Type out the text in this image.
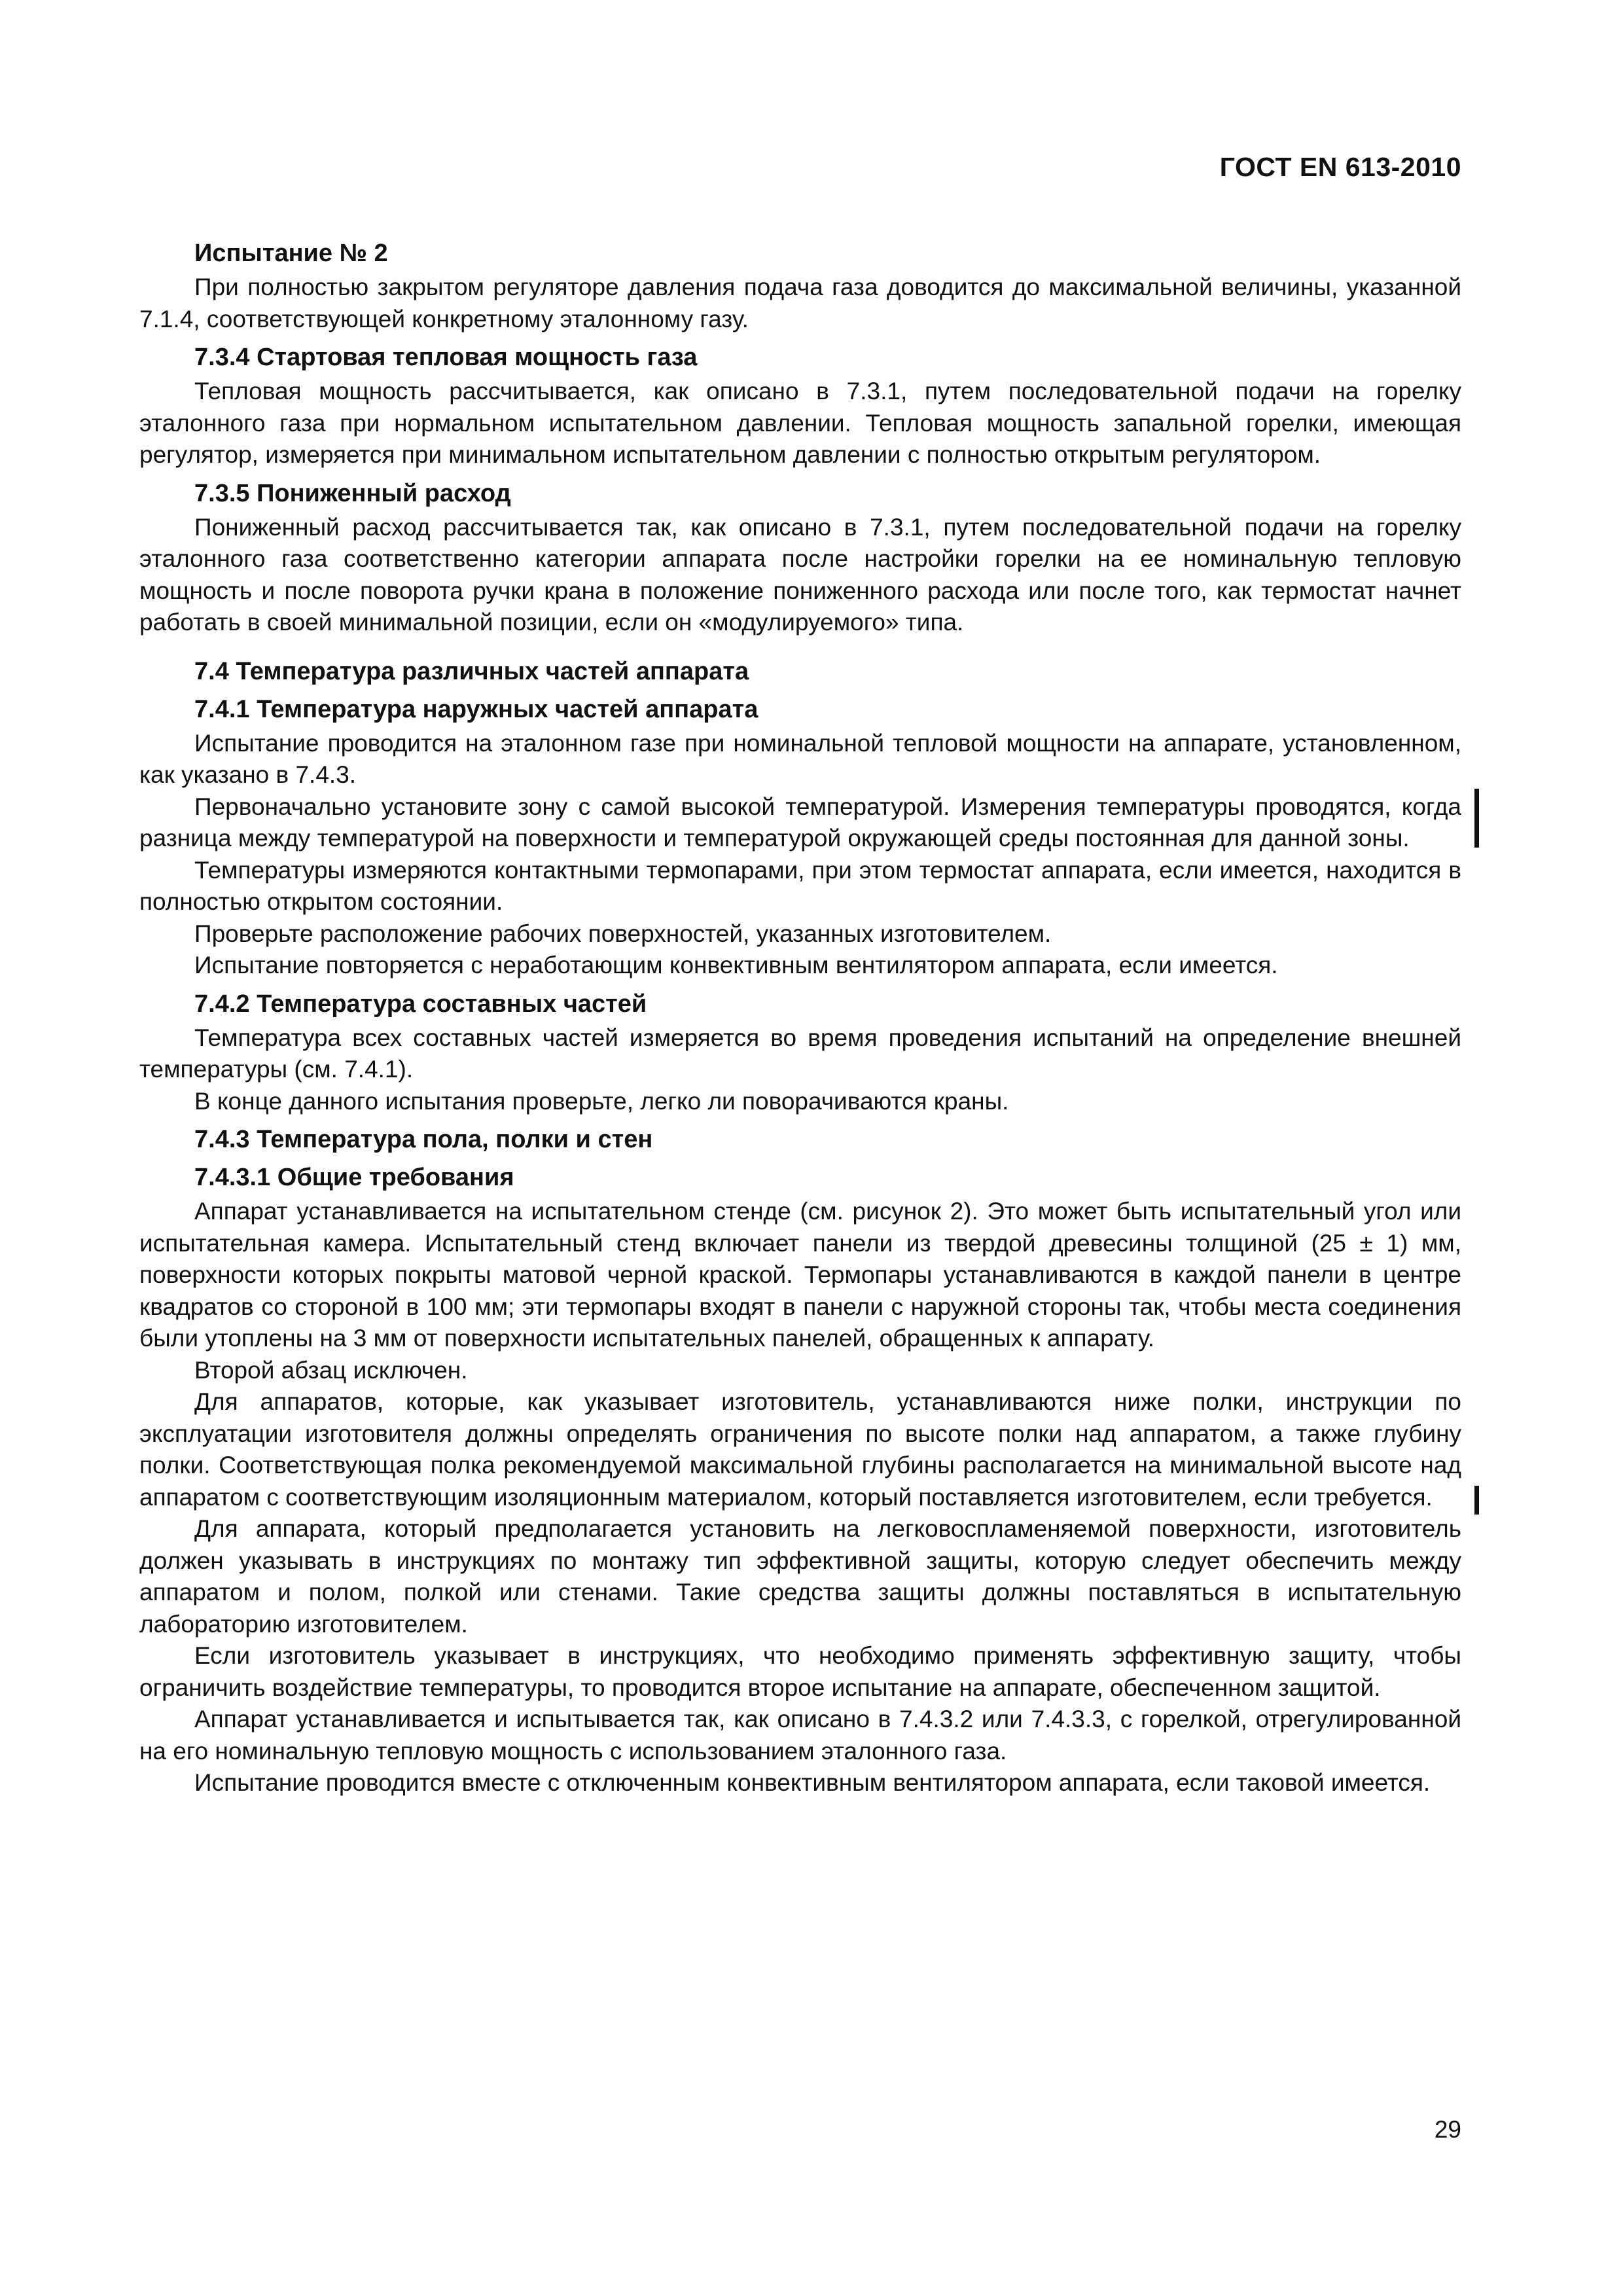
ГОСТ EN 613-2010
Испытание № 2

При полностью закрытом регуляторе давления подача газа доводится до максимальной величины, указанной 7.1.4, соответствующей конкретному эталонному газу.

7.3.4 Стартовая тепловая мощность газа

Тепловая мощность рассчитывается, как описано в 7.3.1, путем последовательной подачи на горелку эталонного газа при нормальном испытательном давлении. Тепловая мощность запальной горелки, имеющая регулятор, измеряется при минимальном испытательном давлении с полностью открытым регулятором.

7.3.5 Пониженный расход

Пониженный расход рассчитывается так, как описано в 7.3.1, путем последовательной подачи на горелку эталонного газа соответственно категории аппарата после настройки горелки на ее номинальную тепловую мощность и после поворота ручки крана в положение пониженного расхода или после того, как термостат начнет работать в своей минимальной позиции, если он «модулируемого» типа.

7.4 Температура различных частей аппарата
7.4.1 Температура наружных частей аппарата

Испытание проводится на эталонном газе при номинальной тепловой мощности на аппарате, установленном, как указано в 7.4.3.

Первоначально установите зону с самой высокой температурой. Измерения температуры проводятся, когда разница между температурой на поверхности и температурой окружающей среды постоянная для данной зоны.

Температуры измеряются контактными термопарами, при этом термостат аппарата, если имеется, находится в полностью открытом состоянии.

Проверьте расположение рабочих поверхностей, указанных изготовителем.

Испытание повторяется с неработающим конвективным вентилятором аппарата, если имеется.

7.4.2 Температура составных частей

Температура всех составных частей измеряется во время проведения испытаний на определение внешней температуры (см. 7.4.1).

В конце данного испытания проверьте, легко ли поворачиваются краны.

7.4.3 Температура пола, полки и стен
7.4.3.1 Общие требования

Аппарат устанавливается на испытательном стенде (см. рисунок 2). Это может быть испытательный угол или испытательная камера. Испытательный стенд включает панели из твердой древесины толщиной (25 ± 1) мм, поверхности которых покрыты матовой черной краской. Термопары устанавливаются в каждой панели в центре квадратов со стороной в 100 мм; эти термопары входят в панели с наружной стороны так, чтобы места соединения были утоплены на 3 мм от поверхности испытательных панелей, обращенных к аппарату.

Второй абзац исключен.

Для аппаратов, которые, как указывает изготовитель, устанавливаются ниже полки, инструкции по эксплуатации изготовителя должны определять ограничения по высоте полки над аппаратом, а также глубину полки. Соответствующая полка рекомендуемой максимальной глубины располагается на минимальной высоте над аппаратом с соответствующим изоляционным материалом, который поставляется изготовителем, если требуется.

Для аппарата, который предполагается установить на легковоспламеняемой поверхности, изготовитель должен указывать в инструкциях по монтажу тип эффективной защиты, которую следует обеспечить между аппаратом и полом, полкой или стенами. Такие средства защиты должны поставляться в испытательную лабораторию изготовителем.

Если изготовитель указывает в инструкциях, что необходимо применять эффективную защиту, чтобы ограничить воздействие температуры, то проводится второе испытание на аппарате, обеспеченном защитой.

Аппарат устанавливается и испытывается так, как описано в 7.4.3.2 или 7.4.3.3, с горелкой, отрегулированной на его номинальную тепловую мощность с использованием эталонного газа.

Испытание проводится вместе с отключенным конвективным вентилятором аппарата, если таковой имеется.

29
